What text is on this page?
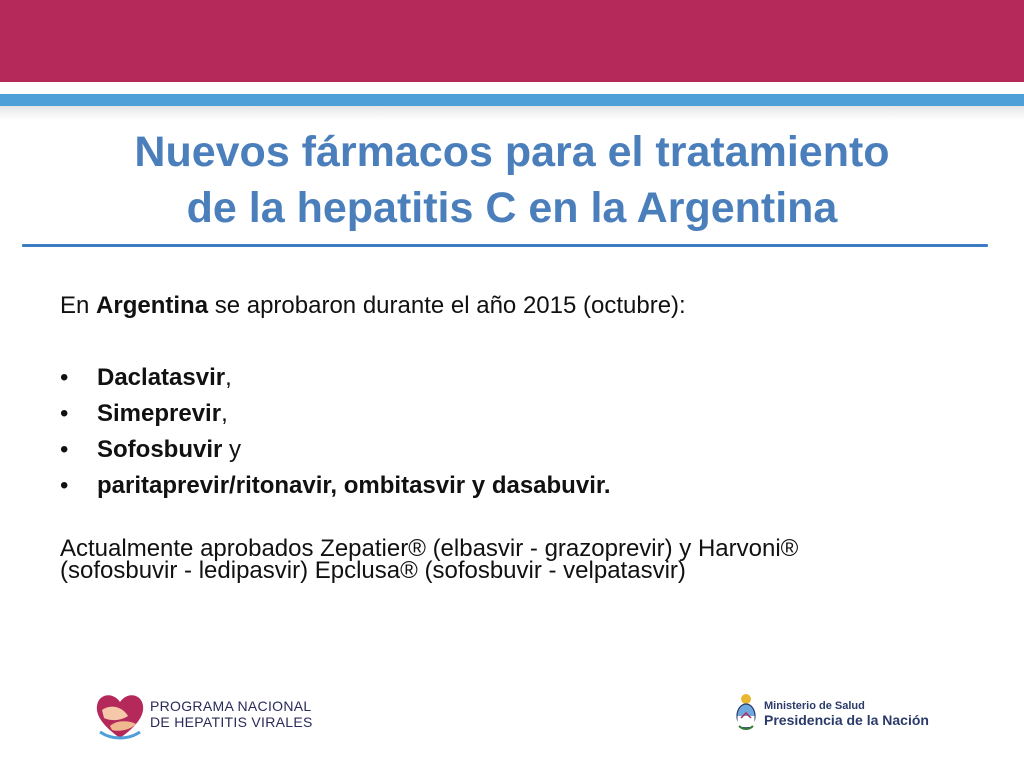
Nuevos fármacos para el tratamiento
de la hepatitis C en la Argentina

En Argentina se aprobaron durante el año 2015 (octubre):

•	Daclatasvir,
•	Simeprevir,
•	Sofosbuvir y
•	paritaprevir/ritonavir, ombitasvir y dasabuvir.

Actualmente aprobados Zepatier® (elbasvir - grazoprevir) y Harvoni®
(sofosbuvir - ledipasvir) Epclusa® (sofosbuvir - velpatasvir)

PROGRAMA NACIONAL
DE HEPATITIS VIRALES
Ministerio de Salud
Presidencia de la Nación
